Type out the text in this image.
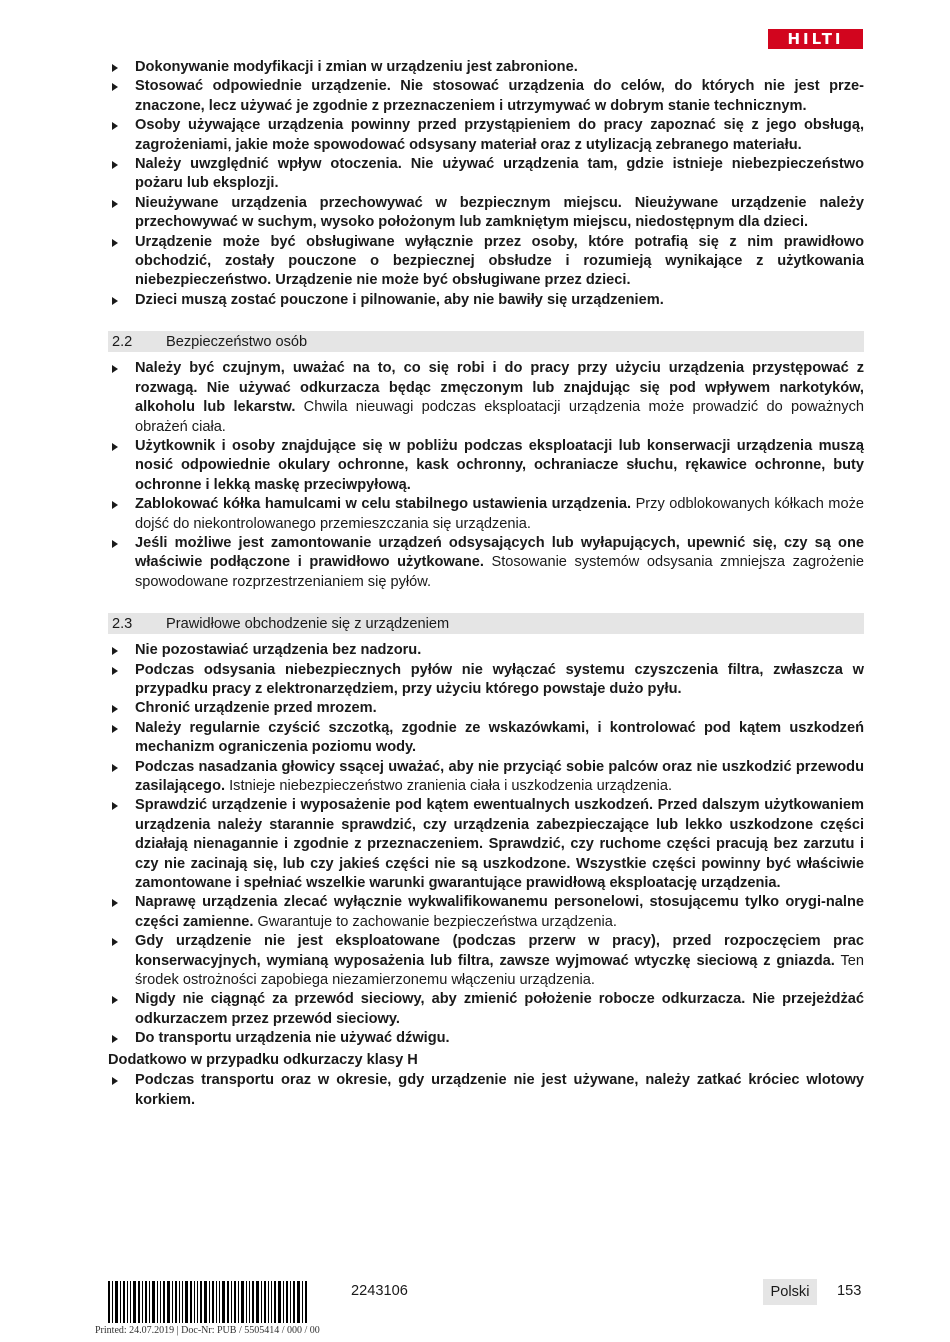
HILTI
Dokonywanie modyfikacji i zmian w urządzeniu jest zabronione.
Stosować odpowiednie urządzenie. Nie stosować urządzenia do celów, do których nie jest prze-znaczone, lecz używać je zgodnie z przeznaczeniem i utrzymywać w dobrym stanie technicznym.
Osoby używające urządzenia powinny przed przystąpieniem do pracy zapoznać się z jego obsługą, zagrożeniami, jakie może spowodować odsysany materiał oraz z utylizacją zebranego materiału.
Należy uwzględnić wpływ otoczenia. Nie używać urządzenia tam, gdzie istnieje niebezpieczeństwo pożaru lub eksplozji.
Nieużywane urządzenia przechowywać w bezpiecznym miejscu. Nieużywane urządzenie należy przechowywać w suchym, wysoko położonym lub zamkniętym miejscu, niedostępnym dla dzieci.
Urządzenie może być obsługiwane wyłącznie przez osoby, które potrafią się z nim prawidłowo obchodzić, zostały pouczone o bezpiecznej obsłudze i rozumieją wynikające z użytkowania niebezpieczeństwo. Urządzenie nie może być obsługiwane przez dzieci.
Dzieci muszą zostać pouczone i pilnowanie, aby nie bawiły się urządzeniem.
2.2	Bezpieczeństwo osób
Należy być czujnym, uważać na to, co się robi i do pracy przy użyciu urządzenia przystępować z rozwagą. Nie używać odkurzacza będąc zmęczonym lub znajdując się pod wpływem narkotyków, alkoholu lub lekarstw. Chwila nieuwagi podczas eksploatacji urządzenia może prowadzić do poważnych obrażeń ciała.
Użytkownik i osoby znajdujące się w pobliżu podczas eksploatacji lub konserwacji urządzenia muszą nosić odpowiednie okulary ochronne, kask ochronny, ochraniacze słuchu, rękawice ochronne, buty ochronne i lekką maskę przeciwpyłową.
Zablokować kółka hamulcami w celu stabilnego ustawienia urządzenia. Przy odblokowanych kółkach może dojść do niekontrolowanego przemieszczania się urządzenia.
Jeśli możliwe jest zamontowanie urządzeń odsysających lub wyłapujących, upewnić się, czy są one właściwie podłączone i prawidłowo użytkowane. Stosowanie systemów odsysania zmniejsza zagrożenie spowodowane rozprzestrzenianiem się pyłów.
2.3	Prawidłowe obchodzenie się z urządzeniem
Nie pozostawiać urządzenia bez nadzoru.
Podczas odsysania niebezpiecznych pyłów nie wyłączać systemu czyszczenia filtra, zwłaszcza w przypadku pracy z elektronarzędziem, przy użyciu którego powstaje dużo pyłu.
Chronić urządzenie przed mrozem.
Należy regularnie czyścić szczotką, zgodnie ze wskazówkami, i kontrolować pod kątem uszkodzeń mechanizm ograniczenia poziomu wody.
Podczas nasadzania głowicy ssącej uważać, aby nie przyciąć sobie palców oraz nie uszkodzić przewodu zasilającego. Istnieje niebezpieczeństwo zranienia ciała i uszkodzenia urządzenia.
Sprawdzić urządzenie i wyposażenie pod kątem ewentualnych uszkodzeń. Przed dalszym użytkowaniem urządzenia należy starannie sprawdzić, czy urządzenia zabezpieczające lub lekko uszkodzone części działają nienagannie i zgodnie z przeznaczeniem. Sprawdzić, czy ruchome części pracują bez zarzutu i czy nie zacinają się, lub czy jakieś części nie są uszkodzone. Wszystkie części powinny być właściwie zamontowane i spełniać wszelkie warunki gwarantujące prawidłową eksploatację urządzenia.
Naprawę urządzenia zlecać wyłącznie wykwalifikowanemu personelowi, stosującemu tylko orygi-nalne części zamienne. Gwarantuje to zachowanie bezpieczeństwa urządzenia.
Gdy urządzenie nie jest eksploatowane (podczas przerw w pracy), przed rozpoczęciem prac konserwacyjnych, wymianą wyposażenia lub filtra, zawsze wyjmować wtyczkę sieciową z gniazda. Ten środek ostrożności zapobiega niezamierzonemu włączeniu urządzenia.
Nigdy nie ciągnąć za przewód sieciowy, aby zmienić położenie robocze odkurzacza. Nie przejeżdżać odkurzaczem przez przewód sieciowy.
Do transportu urządzenia nie używać dźwigu.
Dodatkowo w przypadku odkurzaczy klasy H
Podczas transportu oraz w okresie, gdy urządzenie nie jest używane, należy zatkać króciec wlotowy korkiem.
2243106	Polski	153
Printed: 24.07.2019 | Doc-Nr: PUB / 5505414 / 000 / 00
